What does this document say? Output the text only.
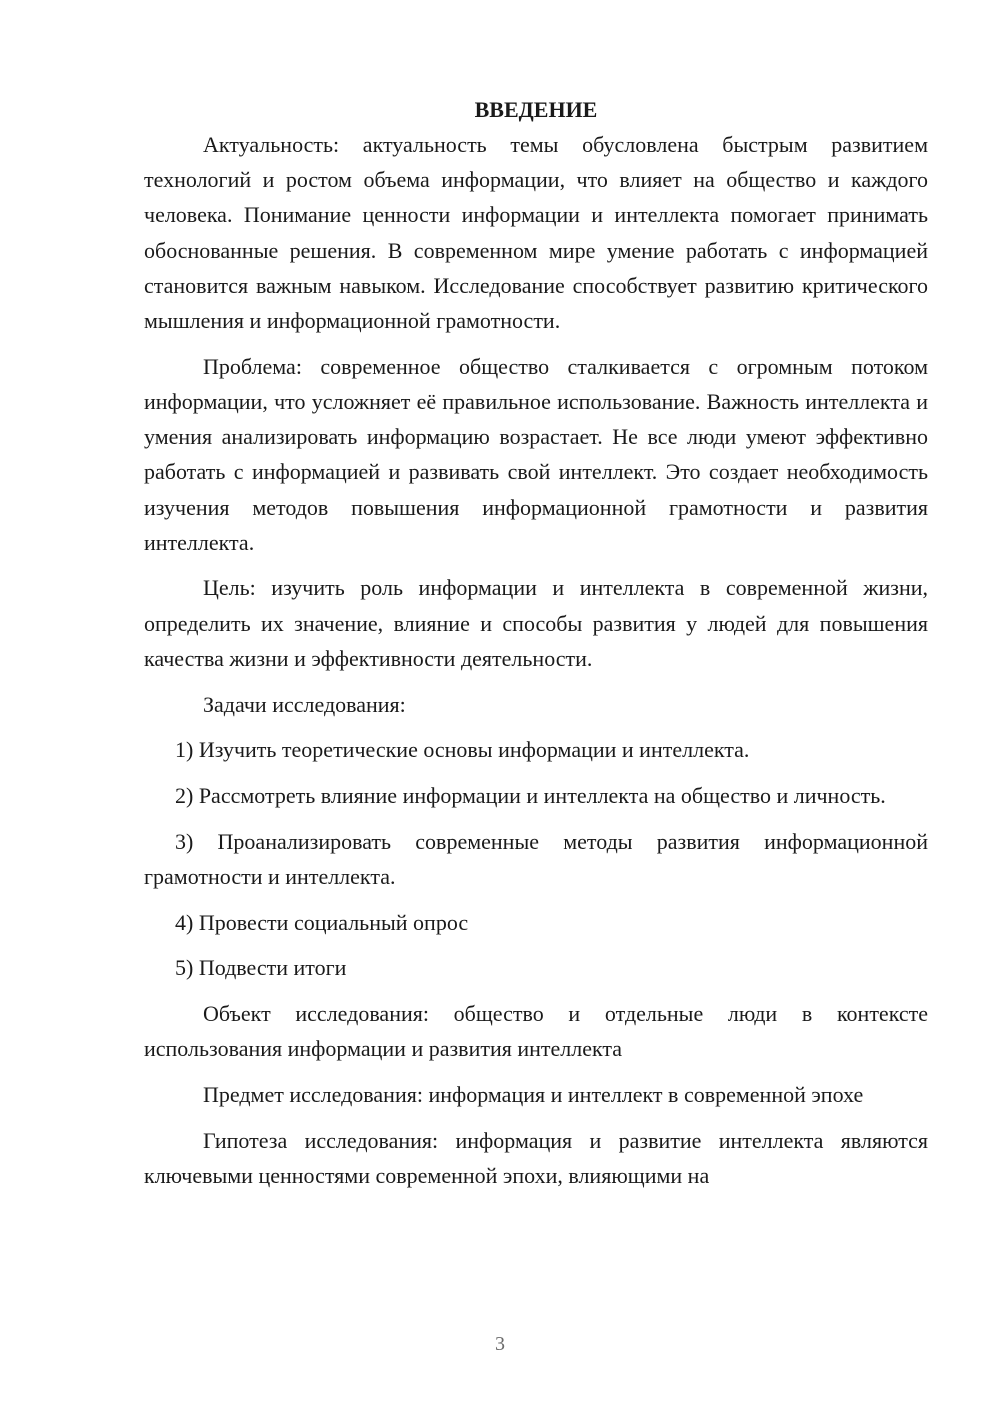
ВВЕДЕНИЕ

Актуальность: актуальность темы обусловлена быстрым развитием технологий и ростом объема информации, что влияет на общество и каждого человека. Понимание ценности информации и интеллекта помогает принимать обоснованные решения. В современном мире умение работать с информацией становится важным навыком. Исследование способствует развитию критического мышления и информационной грамотности.

Проблема: современное общество сталкивается с огромным потоком информации, что усложняет её правильное использование. Важность интеллекта и умения анализировать информацию возрастает. Не все люди умеют эффективно работать с информацией и развивать свой интеллект. Это создает необходимость изучения методов повышения информационной грамотности и развития интеллекта.

Цель: изучить роль информации и интеллекта в современной жизни, определить их значение, влияние и способы развития у людей для повышения качества жизни и эффективности деятельности.

Задачи исследования:

1) Изучить теоретические основы информации и интеллекта.

2) Рассмотреть влияние информации и интеллекта на общество и личность.

3) Проанализировать современные методы развития информационной грамотности и интеллекта.

4) Провести социальный опрос

5) Подвести итоги

Объект исследования: общество и отдельные люди в контексте использования информации и развития интеллекта

Предмет исследования: информация и интеллект в современной эпохе

Гипотеза исследования: информация и развитие интеллекта являются ключевыми ценностями современной эпохи, влияющими на

3
